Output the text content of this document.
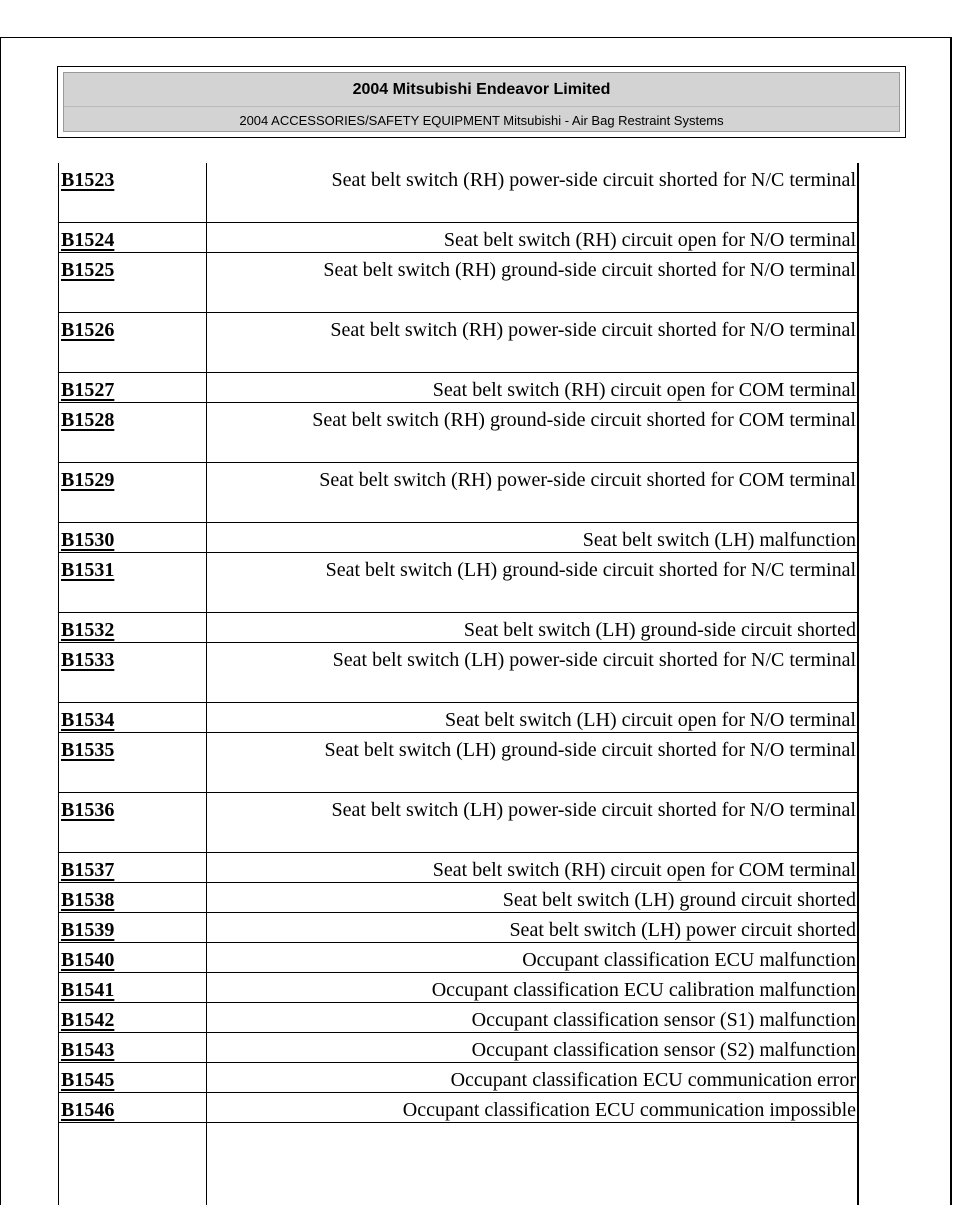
2004 Mitsubishi Endeavor Limited
2004 ACCESSORIES/SAFETY EQUIPMENT Mitsubishi - Air Bag Restraint Systems
B1523	Seat belt switch (RH) power-side circuit shorted for N/C terminal
B1524	Seat belt switch (RH) circuit open for N/O terminal
B1525	Seat belt switch (RH) ground-side circuit shorted for N/O terminal
B1526	Seat belt switch (RH) power-side circuit shorted for N/O terminal
B1527	Seat belt switch (RH) circuit open for COM terminal
B1528	Seat belt switch (RH) ground-side circuit shorted for COM terminal
B1529	Seat belt switch (RH) power-side circuit shorted for COM terminal
B1530	Seat belt switch (LH) malfunction
B1531	Seat belt switch (LH) ground-side circuit shorted for N/C terminal
B1532	Seat belt switch (LH) ground-side circuit shorted
B1533	Seat belt switch (LH) power-side circuit shorted for N/C terminal
B1534	Seat belt switch (LH) circuit open for N/O terminal
B1535	Seat belt switch (LH) ground-side circuit shorted for N/O terminal
B1536	Seat belt switch (LH) power-side circuit shorted for N/O terminal
B1537	Seat belt switch (RH) circuit open for COM terminal
B1538	Seat belt switch (LH) ground circuit shorted
B1539	Seat belt switch (LH) power circuit shorted
B1540	Occupant classification ECU malfunction
B1541	Occupant classification ECU calibration malfunction
B1542	Occupant classification sensor (S1) malfunction
B1543	Occupant classification sensor (S2) malfunction
B1545	Occupant classification ECU communication error
B1546	Occupant classification ECU communication impossible
